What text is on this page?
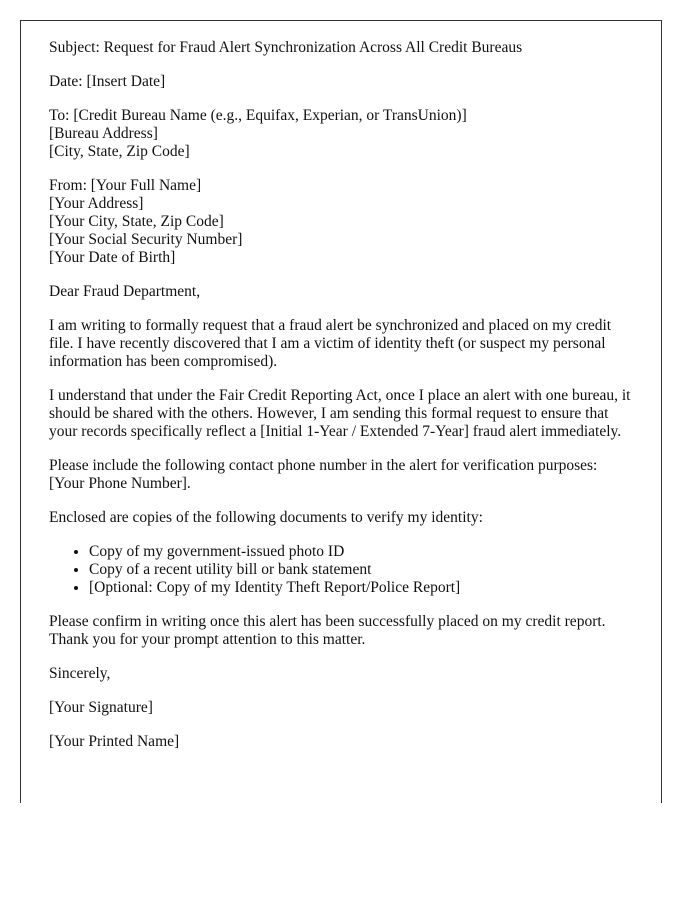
Subject: Request for Fraud Alert Synchronization Across All Credit Bureaus

Date: [Insert Date]

To: [Credit Bureau Name (e.g., Equifax, Experian, or TransUnion)]
[Bureau Address]
[City, State, Zip Code]

From: [Your Full Name]
[Your Address]
[Your City, State, Zip Code]
[Your Social Security Number]
[Your Date of Birth]

Dear Fraud Department,

I am writing to formally request that a fraud alert be synchronized and placed on my credit file. I have recently discovered that I am a victim of identity theft (or suspect my personal information has been compromised).

I understand that under the Fair Credit Reporting Act, once I place an alert with one bureau, it should be shared with the others. However, I am sending this formal request to ensure that your records specifically reflect a [Initial 1-Year / Extended 7-Year] fraud alert immediately.

Please include the following contact phone number in the alert for verification purposes: [Your Phone Number].

Enclosed are copies of the following documents to verify my identity:

• Copy of my government-issued photo ID
• Copy of a recent utility bill or bank statement
• [Optional: Copy of my Identity Theft Report/Police Report]

Please confirm in writing once this alert has been successfully placed on my credit report. Thank you for your prompt attention to this matter.

Sincerely,

[Your Signature]

[Your Printed Name]
